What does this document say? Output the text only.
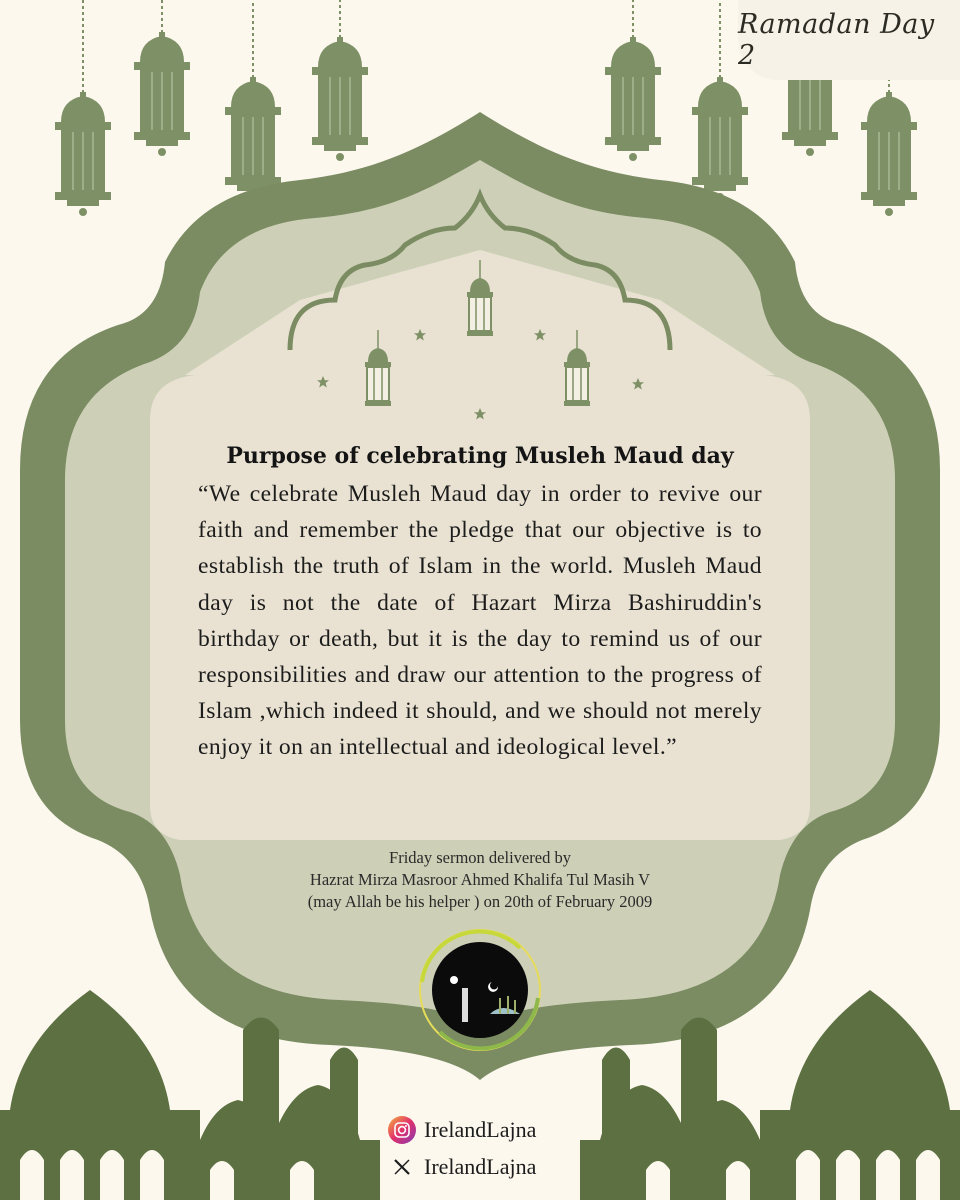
Ramadan Day 2
Purpose of celebrating Musleh Maud day

“We celebrate Musleh Maud day in order to revive our faith and remember the pledge that our objective is to establish the truth of Islam in the world. Musleh Maud day is not the date of Hazart Mirza Bashiruddin's birthday or death, but it is the day to remind us of our responsibilities and draw our attention to the progress of Islam ,which indeed it should, and we should not merely enjoy it on an intellectual and ideological level.”

Friday sermon delivered by
Hazrat Mirza Masroor Ahmed Khalifa Tul Masih V
(may Allah be his helper ) on 20th of February 2009
IrelandLajna
IrelandLajna
